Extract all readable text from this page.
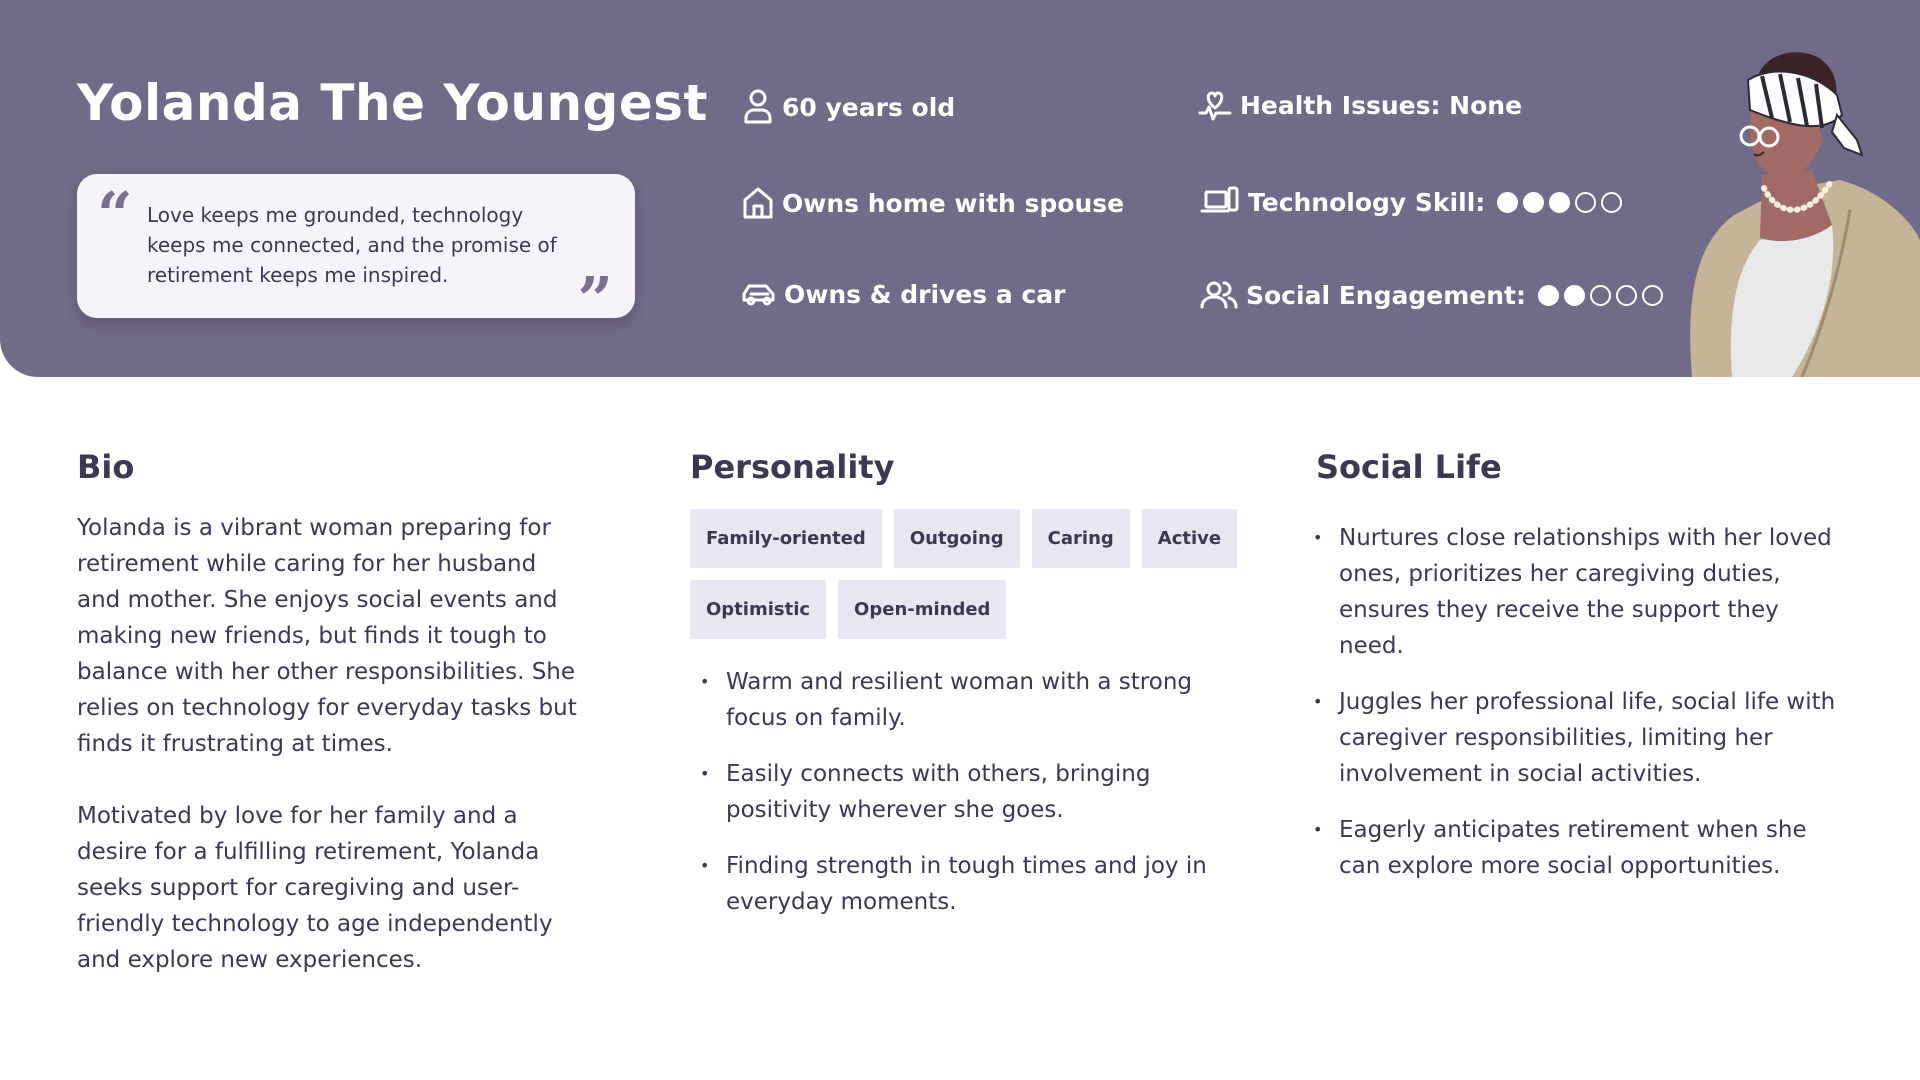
Yolanda The Youngest
“ Love keeps me grounded, technology keeps me connected, and the promise of retirement keeps me inspired.	”
60 years old
Owns home with spouse
Owns & drives a car
Health Issues: None
Technology Skill:
Social Engagement:
Bio
Yolanda is a vibrant woman preparing for retirement while caring for her husband and mother. She enjoys social events and making new friends, but finds it tough to balance with her other responsibilities. She relies on technology for everyday tasks but finds it frustrating at times.
Motivated by love for her family and a desire for a fulfilling retirement, Yolanda seeks support for caregiving and user-friendly technology to age independently and explore new experiences.
Personality
Family-oriented	Outgoing	Caring	Active
Optimistic	Open-minded
• Warm and resilient woman with a strong focus on family.
• Easily connects with others, bringing positivity wherever she goes.
• Finding strength in tough times and joy in everyday moments.
Social Life
• Nurtures close relationships with her loved ones, prioritizes her caregiving duties, ensures they receive the support they need.
• Juggles her professional life, social life with caregiver responsibilities, limiting her involvement in social activities.
• Eagerly anticipates retirement when she can explore more social opportunities.
